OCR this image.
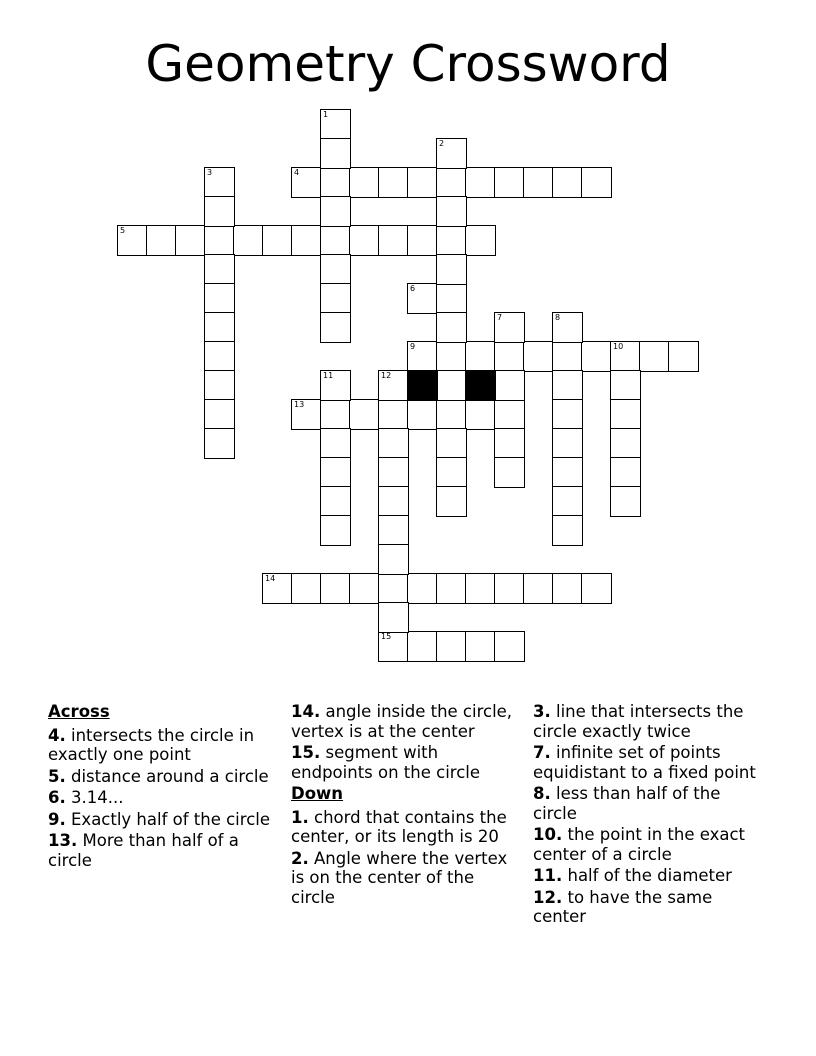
Geometry Crossword
4
5
6
9	10
13
14
15
1
2
3
7	8
11	12
Across
4. intersects the circle in exactly one point
5. distance around a circle
6. 3.14...
9. Exactly half of the circle
13. More than half of a circle
14. angle inside the circle, vertex is at the center
15. segment with endpoints on the circle
Down
1. chord that contains the center, or its length is 20
2. Angle where the vertex is on the center of the circle
3. line that intersects the circle exactly twice
7. infinite set of points equidistant to a fixed point
8. less than half of the circle
10. the point in the exact center of a circle
11. half of the diameter
12. to have the same center
